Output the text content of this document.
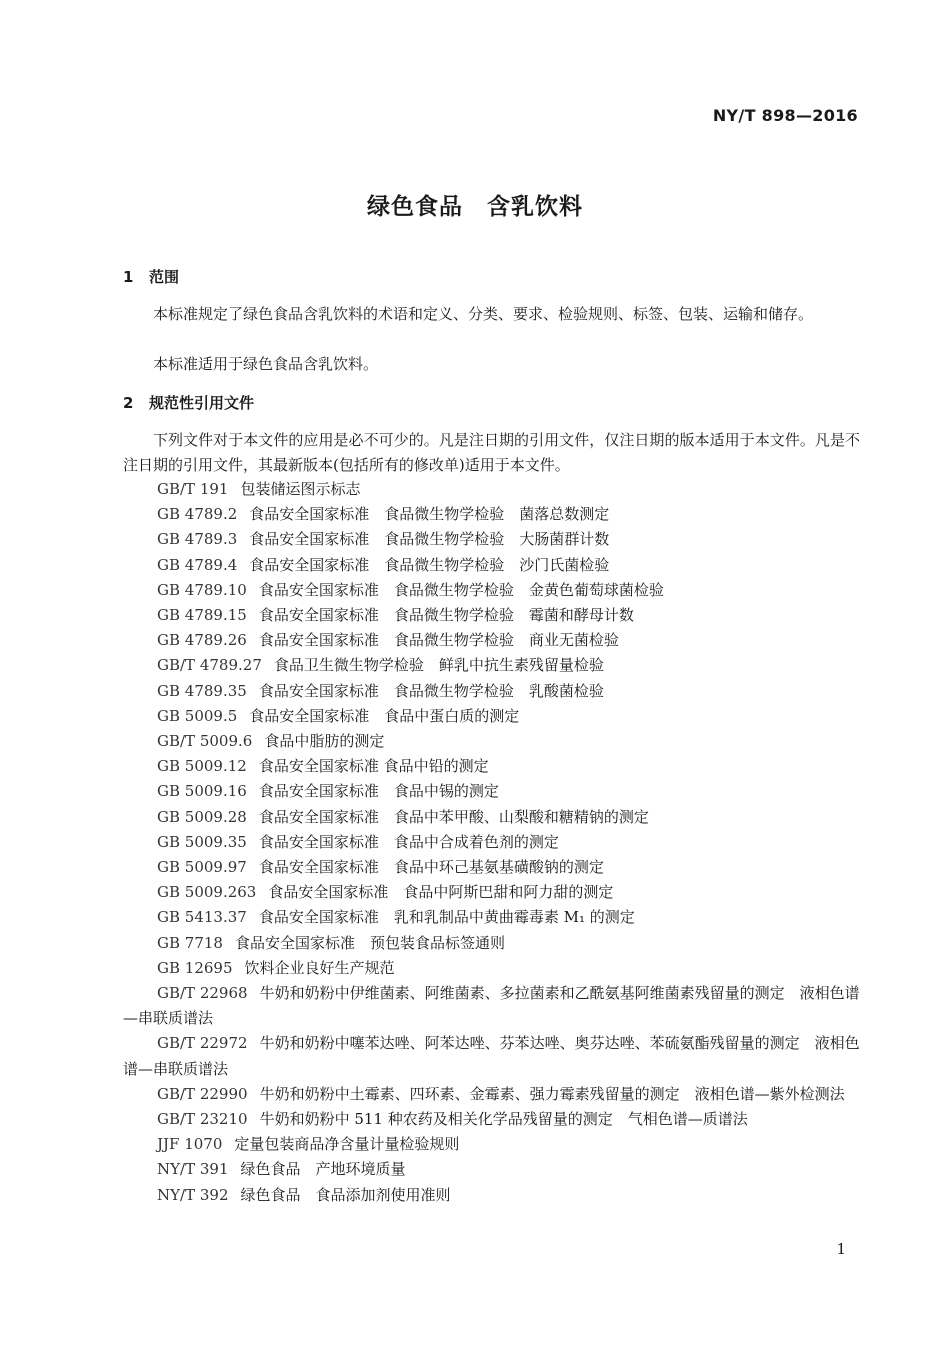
NY/T 898—2016
绿色食品　含乳饮料
1 范围
本标准规定了绿色食品含乳饮料的术语和定义、分类、要求、检验规则、标签、包装、运输和储存。
本标准适用于绿色食品含乳饮料。
2 规范性引用文件
下列文件对于本文件的应用是必不可少的。凡是注日期的引用文件，仅注日期的版本适用于本文件。凡是不注日期的引用文件，其最新版本(包括所有的修改单)适用于本文件。
GB/T 191 包装储运图示标志
GB 4789.2 食品安全国家标准　食品微生物学检验　菌落总数测定
GB 4789.3 食品安全国家标准　食品微生物学检验　大肠菌群计数
GB 4789.4 食品安全国家标准　食品微生物学检验　沙门氏菌检验
GB 4789.10 食品安全国家标准　食品微生物学检验　金黄色葡萄球菌检验
GB 4789.15 食品安全国家标准　食品微生物学检验　霉菌和酵母计数
GB 4789.26 食品安全国家标准　食品微生物学检验　商业无菌检验
GB/T 4789.27 食品卫生微生物学检验　鲜乳中抗生素残留量检验
GB 4789.35 食品安全国家标准　食品微生物学检验　乳酸菌检验
GB 5009.5 食品安全国家标准　食品中蛋白质的测定
GB/T 5009.6 食品中脂肪的测定
GB 5009.12 食品安全国家标准 食品中铅的测定
GB 5009.16 食品安全国家标准　食品中锡的测定
GB 5009.28 食品安全国家标准　食品中苯甲酸、山梨酸和糖精钠的测定
GB 5009.35 食品安全国家标准　食品中合成着色剂的测定
GB 5009.97 食品安全国家标准　食品中环己基氨基磺酸钠的测定
GB 5009.263 食品安全国家标准　食品中阿斯巴甜和阿力甜的测定
GB 5413.37 食品安全国家标准　乳和乳制品中黄曲霉毒素 M₁ 的测定
GB 7718 食品安全国家标准　预包装食品标签通则
GB 12695 饮料企业良好生产规范
GB/T 22968 牛奶和奶粉中伊维菌素、阿维菌素、多拉菌素和乙酰氨基阿维菌素残留量的测定　液相色谱—串联质谱法
GB/T 22972 牛奶和奶粉中噻苯达唑、阿苯达唑、芬苯达唑、奥芬达唑、苯硫氨酯残留量的测定　液相色谱—串联质谱法
GB/T 22990 牛奶和奶粉中土霉素、四环素、金霉素、强力霉素残留量的测定　液相色谱—紫外检测法
GB/T 23210 牛奶和奶粉中 511 种农药及相关化学品残留量的测定　气相色谱—质谱法
JJF 1070 定量包装商品净含量计量检验规则
NY/T 391 绿色食品　产地环境质量
NY/T 392 绿色食品　食品添加剂使用准则
1
